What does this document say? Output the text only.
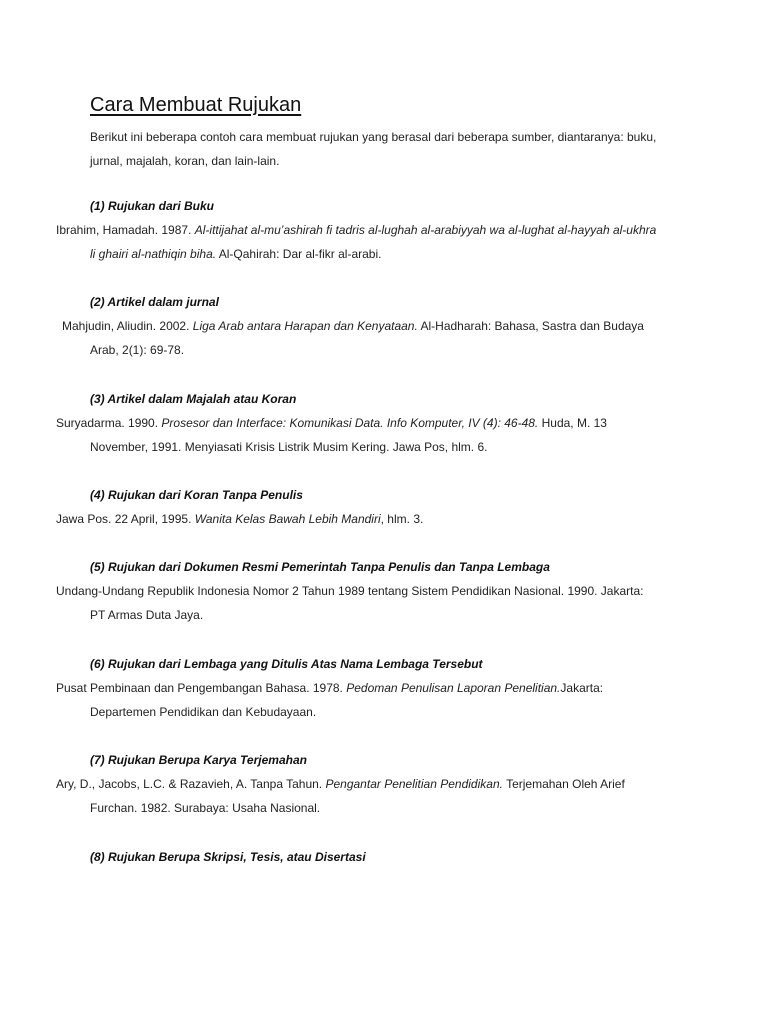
Cara Membuat Rujukan
Berikut ini beberapa contoh cara membuat rujukan yang berasal dari beberapa sumber, diantaranya: buku,
jurnal, majalah, koran, dan lain-lain.
(1) Rujukan dari Buku
Ibrahim, Hamadah. 1987. Al-ittijahat al-mu’ashirah fi tadris al-lughah al-arabiyyah wa al-lughat al-hayyah al-ukhra
li ghairi al-nathiqin biha. Al-Qahirah: Dar al-fikr al-arabi.
(2) Artikel dalam jurnal
Mahjudin, Aliudin. 2002. Liga Arab antara Harapan dan Kenyataan. Al-Hadharah: Bahasa, Sastra dan Budaya
Arab, 2(1): 69-78.
(3) Artikel dalam Majalah atau Koran
Suryadarma. 1990. Prosesor dan Interface: Komunikasi Data. Info Komputer, IV (4): 46-48. Huda, M. 13
November, 1991. Menyiasati Krisis Listrik Musim Kering. Jawa Pos, hlm. 6.
(4) Rujukan dari Koran Tanpa Penulis
Jawa Pos. 22 April, 1995. Wanita Kelas Bawah Lebih Mandiri, hlm. 3.
(5) Rujukan dari Dokumen Resmi Pemerintah Tanpa Penulis dan Tanpa Lembaga
Undang-Undang Republik Indonesia Nomor 2 Tahun 1989 tentang Sistem Pendidikan Nasional. 1990. Jakarta:
PT Armas Duta Jaya.
(6) Rujukan dari Lembaga yang Ditulis Atas Nama Lembaga Tersebut
Pusat Pembinaan dan Pengembangan Bahasa. 1978. Pedoman Penulisan Laporan Penelitian.Jakarta:
Departemen Pendidikan dan Kebudayaan.
(7) Rujukan Berupa Karya Terjemahan
Ary, D., Jacobs, L.C. & Razavieh, A. Tanpa Tahun. Pengantar Penelitian Pendidikan. Terjemahan Oleh Arief
Furchan. 1982. Surabaya: Usaha Nasional.
(8) Rujukan Berupa Skripsi, Tesis, atau Disertasi
